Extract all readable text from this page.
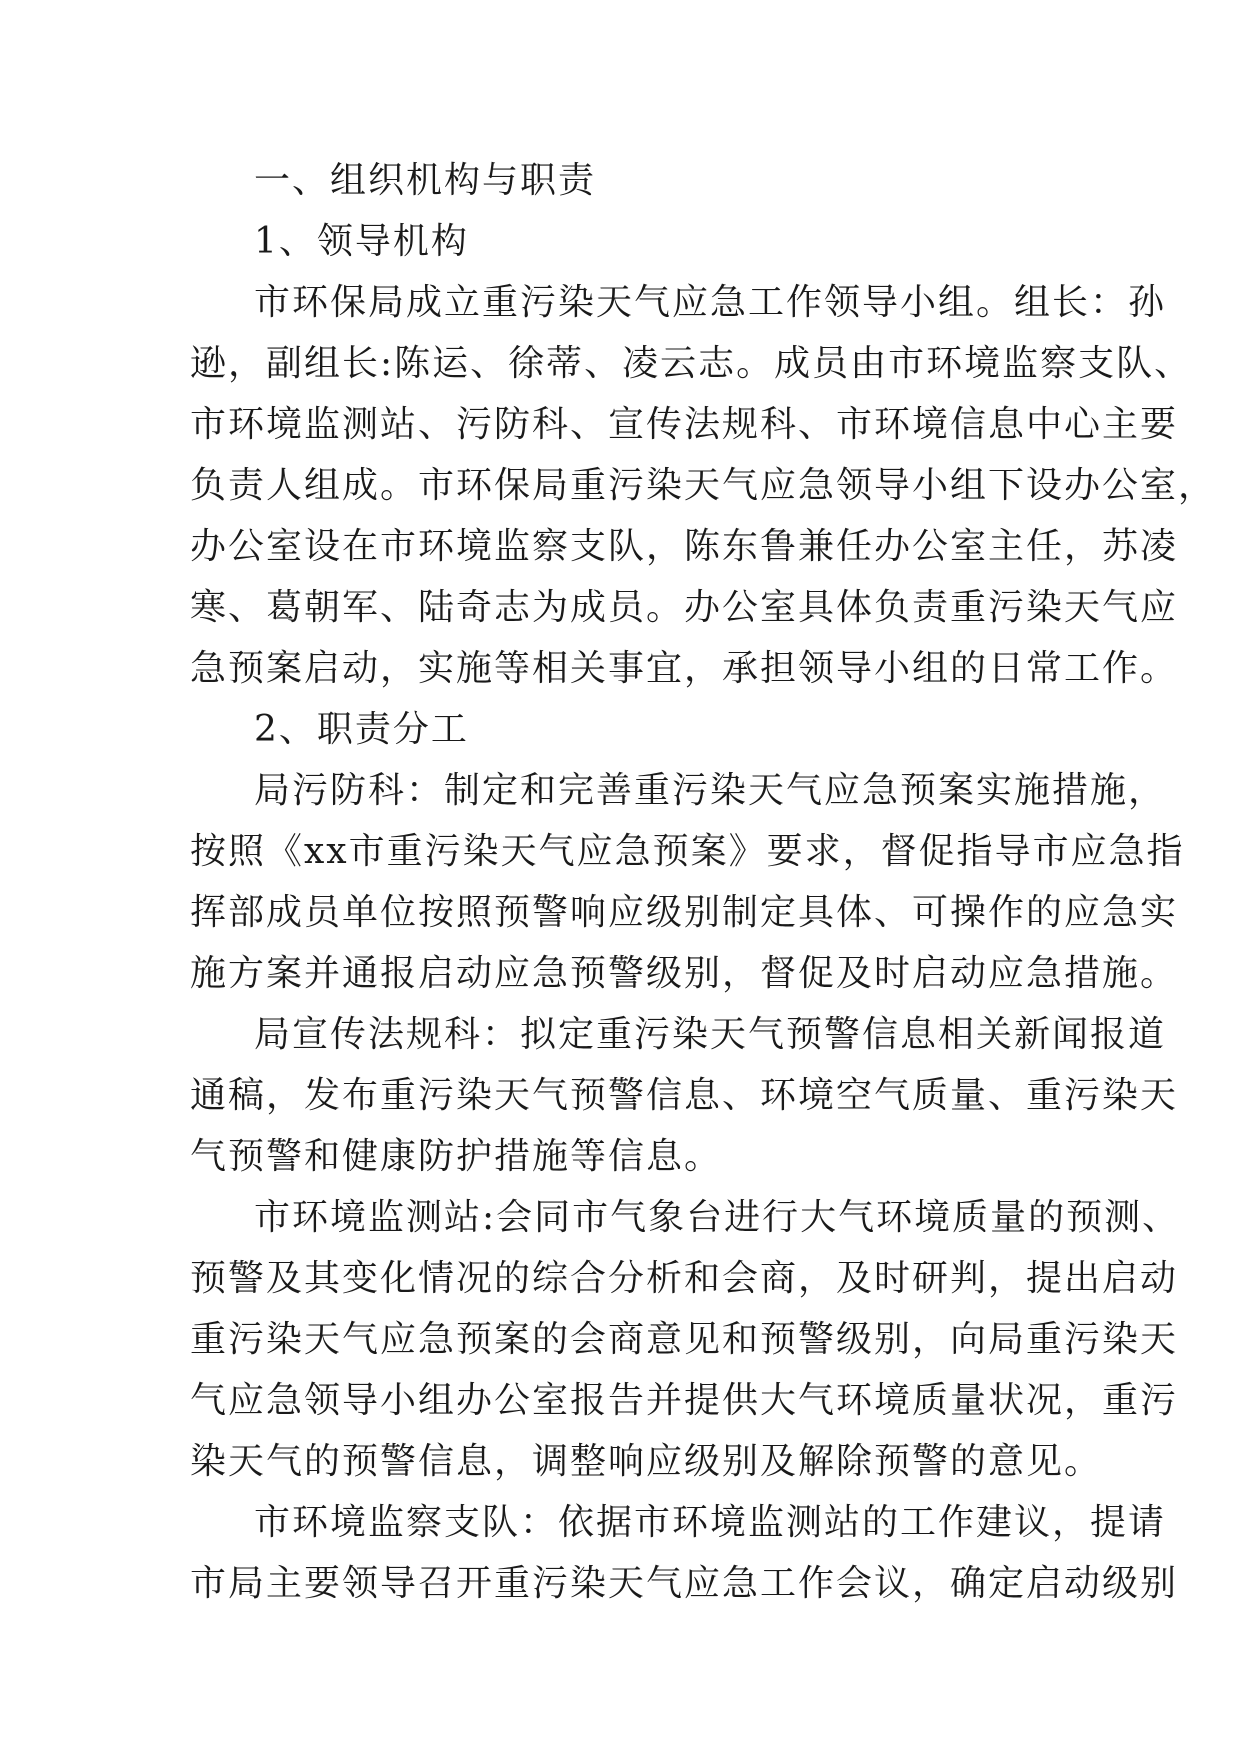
一、组织机构与职责
1、领导机构
市环保局成立重污染天气应急工作领导小组。组长：孙
逊，副组长:陈运、徐蒂、凌云志。成员由市环境监察支队、
市环境监测站、污防科、宣传法规科、市环境信息中心主要
负责人组成。市环保局重污染天气应急领导小组下设办公室，
办公室设在市环境监察支队，陈东鲁兼任办公室主任，苏凌
寒、葛朝军、陆奇志为成员。办公室具体负责重污染天气应
急预案启动，实施等相关事宜，承担领导小组的日常工作。
2、职责分工
局污防科：制定和完善重污染天气应急预案实施措施，
按照《xx市重污染天气应急预案》要求，督促指导市应急指
挥部成员单位按照预警响应级别制定具体、可操作的应急实
施方案并通报启动应急预警级别，督促及时启动应急措施。
局宣传法规科：拟定重污染天气预警信息相关新闻报道
通稿，发布重污染天气预警信息、环境空气质量、重污染天
气预警和健康防护措施等信息。
市环境监测站:会同市气象台进行大气环境质量的预测、
预警及其变化情况的综合分析和会商，及时研判，提出启动
重污染天气应急预案的会商意见和预警级别，向局重污染天
气应急领导小组办公室报告并提供大气环境质量状况，重污
染天气的预警信息，调整响应级别及解除预警的意见。
市环境监察支队：依据市环境监测站的工作建议，提请
市局主要领导召开重污染天气应急工作会议，确定启动级别
